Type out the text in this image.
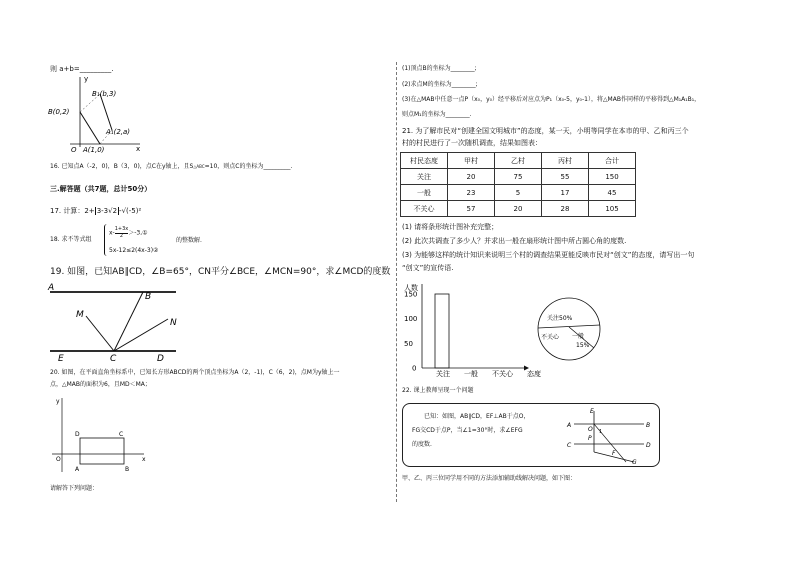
则 a+b=_________.
y
x
O A(1,0)
B(0,2)
B₁(b,3)
A₁(2,a)
16. 已知点A（-2，0)，B（3，0)，点C在y轴上，且S△ABC=10，则点C的坐标为_________.
三.解答题（共7题，总计50分）
17. 计算：2+ 3-3√2 -√(-5)²
18. 求不等式组
$x- \frac{1+3x}{2}$ ＞-3,①
5x-12≤2(4x-3)②
的整数解.
19. 如图，已知AB∥CD，∠B=65°，CN平分∠BCE，∠MCN=90°，求∠MCD的度数
A
B
M
N
E	C	D
20. 如图，在平面直角坐标系中，已知长方形ABCD的两个顶点坐标为A（2，-1)，C（6，2)，点M为y轴上一
点，△MAB的面积为6，且MD＜MA；
y
x
O
A	B
C
D
请解答下列问题：
(1)顶点B的坐标为________;
(2)求点M的坐标为________;
(3)在△MAB中任意一点P（x₀，y₀）经平移后对应点为P₁（x₀-5，y₀-1），将△MAB作同样的平移得到△M₁A₁B₁，
则点M₁的坐标为________.
21. 为了解市民对“创建全国文明城市”的态度，某一天，小明等同学在本市的甲、乙和丙三个
村的村民进行了一次随机调查，结果如图表：
村民态度	甲村	乙村	丙村	合计
关注	20	75	55	150
一般	23	5	17	45
不关心	57	20	28	105
(1) 请将条形统计图补充完整；
(2) 此次共调查了多少人？并求出一般在扇形统计图中所占圆心角的度数.
(3) 为能够这样的统计知识来说明三个村的调查结果更能反映市民对“创文”的态度，请写出一句
“创文”的宣传语.
人数
态度
150
100
50
0
关注 一般 不关心
关注50%
一般
不关心
15%
22. 课上教师呈现一个问题
已知：如图，AB∥CD，EF⊥AB于点O，
FG交CD于点P，当∠1=30°时，求∠EFG
的度数.
E
A	B
O
C	D
P
F
G
1
甲、乙、丙三位同学用不同的方法添加辅助线解决问题，如下图：
